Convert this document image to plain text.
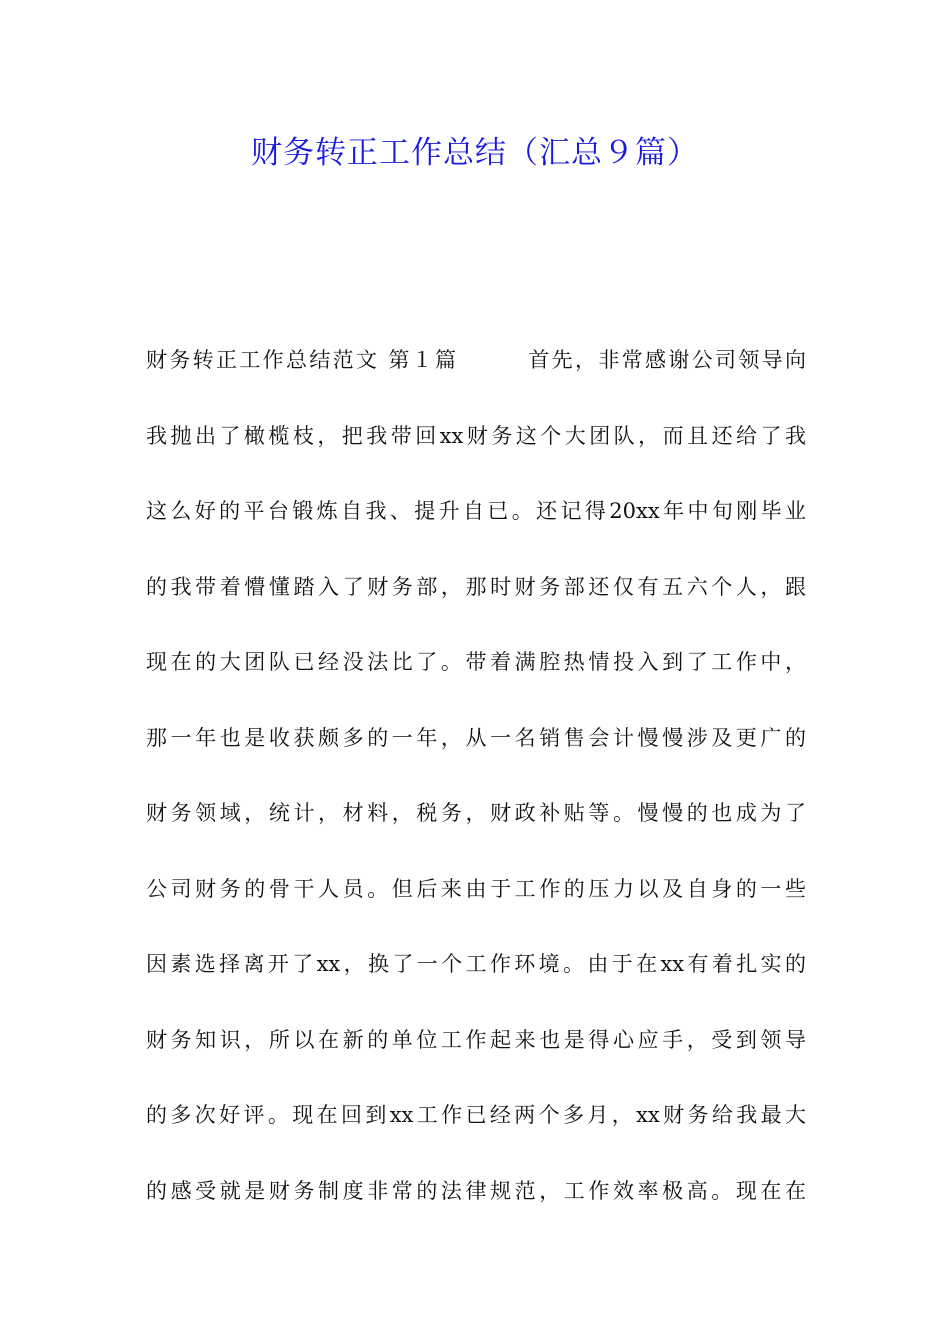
财务转正工作总结（汇总９篇）
财务转正工作总结范文 第１篇　　　首先，非常感谢公司领导向
我抛出了橄榄枝，把我带回xx财务这个大团队，而且还给了我
这么好的平台锻炼自我、提升自已。还记得20xx年中旬刚毕业
的我带着懵懂踏入了财务部，那时财务部还仅有五六个人，跟
现在的大团队已经没法比了。带着满腔热情投入到了工作中，
那一年也是收获颇多的一年，从一名销售会计慢慢涉及更广的
财务领域，统计，材料，税务，财政补贴等。慢慢的也成为了
公司财务的骨干人员。但后来由于工作的压力以及自身的一些
因素选择离开了xx，换了一个工作环境。由于在xx有着扎实的
财务知识，所以在新的单位工作起来也是得心应手，受到领导
的多次好评。现在回到xx工作已经两个多月，xx财务给我最大
的感受就是财务制度非常的法律规范，工作效率极高。现在在
